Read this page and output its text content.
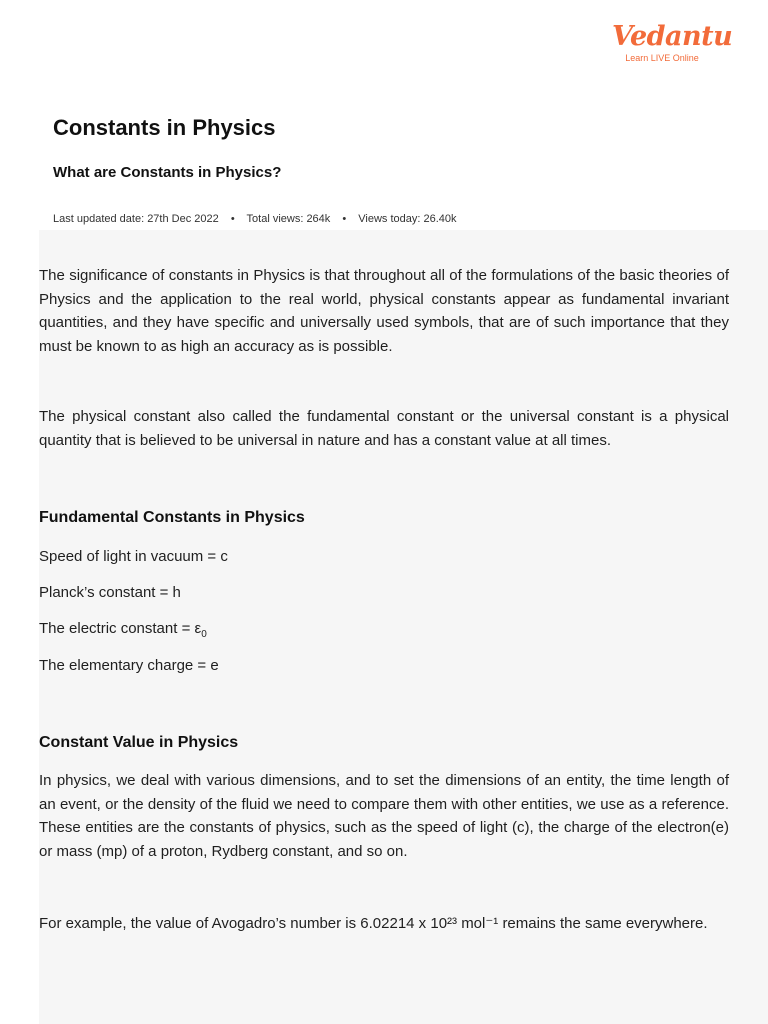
Vedantu
Learn LIVE Online
Constants in Physics
What are Constants in Physics?
Last updated date: 27th Dec 2022 • Total views: 264k • Views today: 26.40k

The significance of constants in Physics is that throughout all of the formulations of the basic theories of Physics and the application to the real world, physical constants appear as fundamental invariant quantities, and they have specific and universally used symbols, that are of such importance that they must be known to as high an accuracy as is possible.

The physical constant also called the fundamental constant or the universal constant is a physical quantity that is believed to be universal in nature and has a constant value at all times.

Fundamental Constants in Physics

Speed of light in vacuum = c

Planck’s constant = h

The electric constant = $\varepsilon_0$

The elementary charge = e

Constant Value in Physics

In physics, we deal with various dimensions, and to set the dimensions of an entity, the time length of an event, or the density of the fluid we need to compare them with other entities, we use as a reference. These entities are the constants of physics, such as the speed of light (c), the charge of the electron(e) or mass (mp) of a proton, Rydberg constant, and so on.

For example, the value of Avogadro’s number is 6.02214 x 10²³ mol⁻¹ remains the same everywhere.
